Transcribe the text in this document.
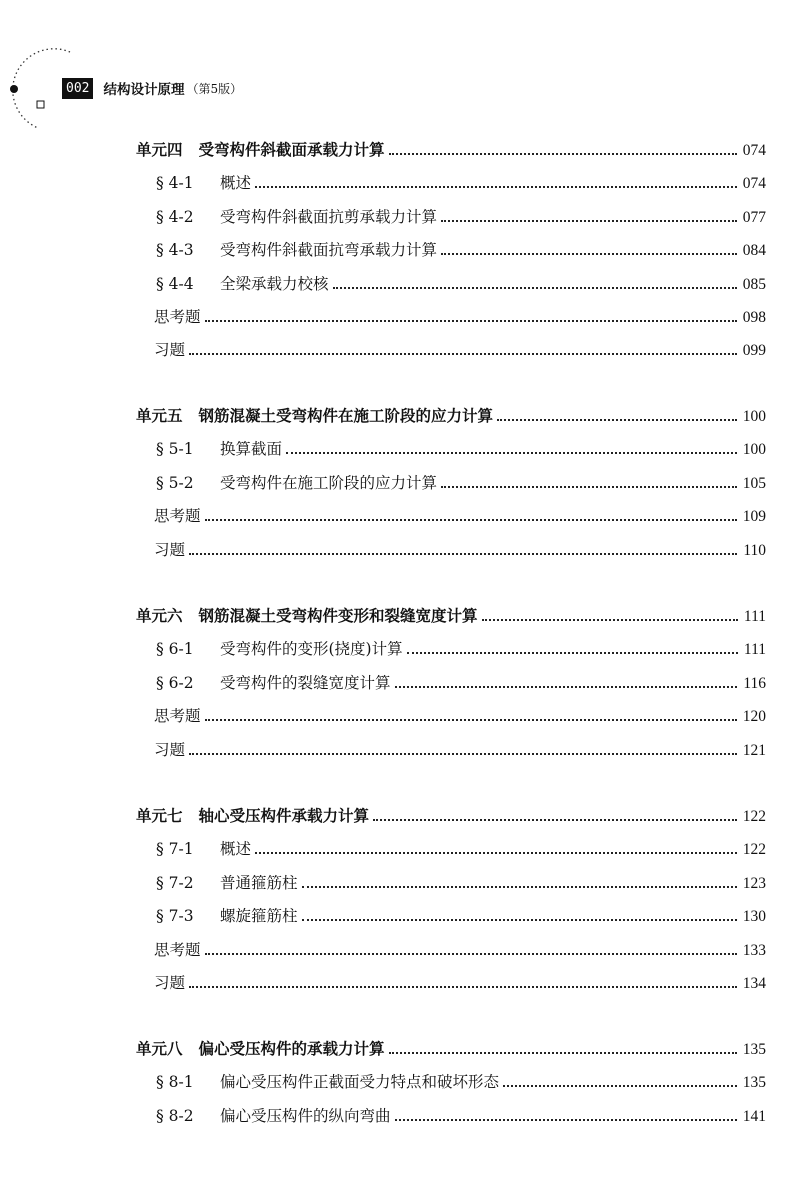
002 结构设计原理 （第5版）
单元四 受弯构件斜截面承载力计算	074
§ 4-1	概述	074
§ 4-2	受弯构件斜截面抗剪承载力计算	077
§ 4-3	受弯构件斜截面抗弯承载力计算	084
§ 4-4	全梁承载力校核	085
思考题	098
习题	099
单元五 钢筋混凝土受弯构件在施工阶段的应力计算	100
§ 5-1	换算截面	100
§ 5-2	受弯构件在施工阶段的应力计算	105
思考题	109
习题	110
单元六 钢筋混凝土受弯构件变形和裂缝宽度计算	111
§ 6-1	受弯构件的变形(挠度)计算	111
§ 6-2	受弯构件的裂缝宽度计算	116
思考题	120
习题	121
单元七 轴心受压构件承载力计算	122
§ 7-1	概述	122
§ 7-2	普通箍筋柱	123
§ 7-3	螺旋箍筋柱	130
思考题	133
习题	134
单元八 偏心受压构件的承载力计算	135
§ 8-1	偏心受压构件正截面受力特点和破坏形态	135
§ 8-2	偏心受压构件的纵向弯曲	141
